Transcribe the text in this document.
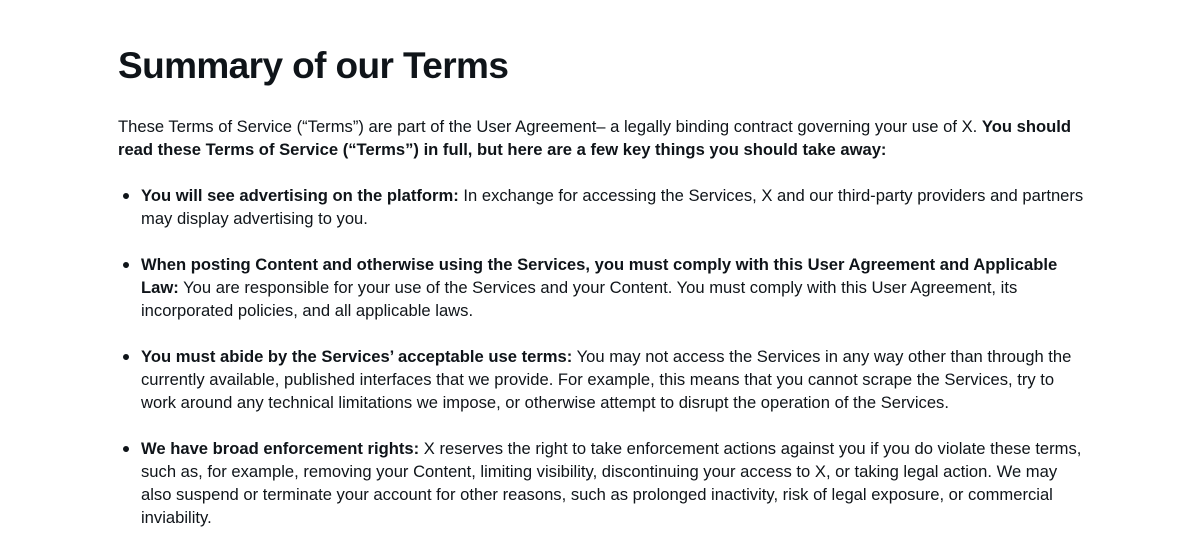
Summary of our Terms

These Terms of Service (“Terms”) are part of the User Agreement– a legally binding contract governing your use of X. You should read these Terms of Service (“Terms”) in full, but here are a few key things you should take away:

You will see advertising on the platform: In exchange for accessing the Services, X and our third-party providers and partners may display advertising to you.
When posting Content and otherwise using the Services, you must comply with this User Agreement and Applicable Law: You are responsible for your use of the Services and your Content. You must comply with this User Agreement, its incorporated policies, and all applicable laws.
You must abide by the Services’ acceptable use terms: You may not access the Services in any way other than through the currently available, published interfaces that we provide. For example, this means that you cannot scrape the Services, try to work around any technical limitations we impose, or otherwise attempt to disrupt the operation of the Services.
We have broad enforcement rights: X reserves the right to take enforcement actions against you if you do violate these terms, such as, for example, removing your Content, limiting visibility, discontinuing your access to X, or taking legal action. We may also suspend or terminate your account for other reasons, such as prolonged inactivity, risk of legal exposure, or commercial inviability.
